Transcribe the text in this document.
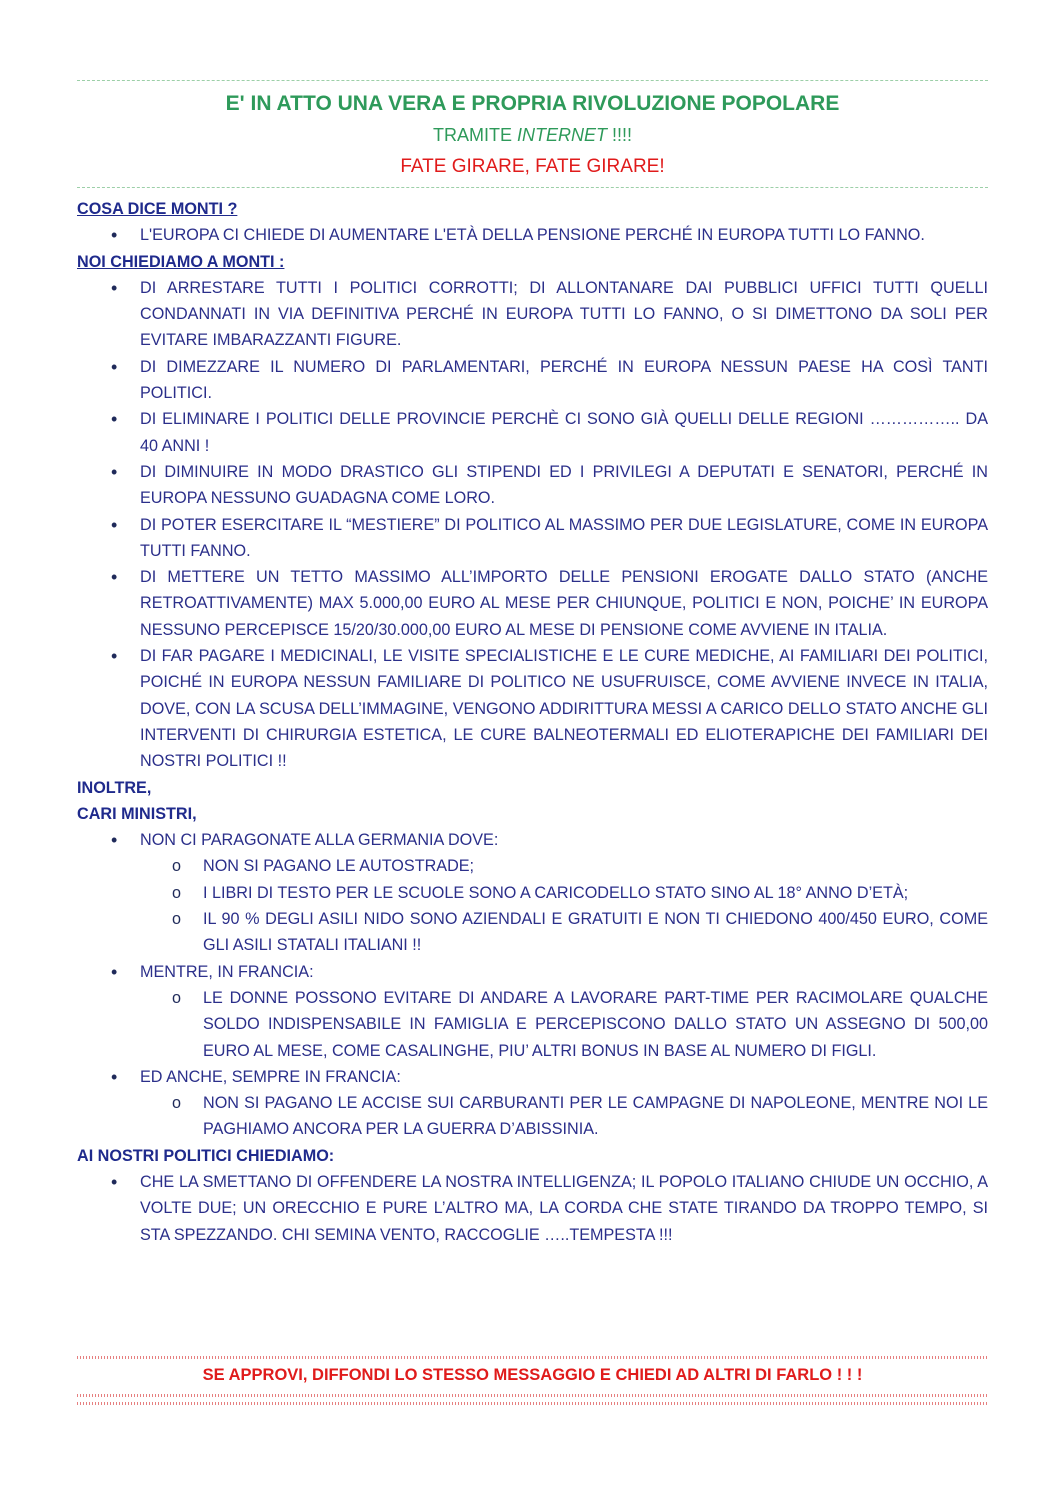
E' IN ATTO UNA VERA E PROPRIA RIVOLUZIONE POPOLARE
TRAMITE INTERNET !!!!
FATE GIRARE, FATE GIRARE!
COSA DICE MONTI ?
• L'EUROPA CI CHIEDE DI AUMENTARE L'ETÀ DELLA PENSIONE PERCHÉ IN EUROPA TUTTI LO FANNO.
NOI CHIEDIAMO A MONTI :
• DI ARRESTARE TUTTI I POLITICI CORROTTI; DI ALLONTANARE DAI PUBBLICI UFFICI TUTTI QUELLI CONDANNATI IN VIA DEFINITIVA PERCHÉ IN EUROPA TUTTI LO FANNO, O SI DIMETTONO DA SOLI PER EVITARE IMBARAZZANTI FIGURE.
• DI DIMEZZARE IL NUMERO DI PARLAMENTARI, PERCHÉ IN EUROPA NESSUN PAESE HA COSÌ TANTI POLITICI.
• DI ELIMINARE I POLITICI DELLE PROVINCIE PERCHÈ CI SONO GIÀ QUELLI DELLE REGIONI …………….. DA 40 ANNI !
• DI DIMINUIRE IN MODO DRASTICO GLI STIPENDI ED I PRIVILEGI A DEPUTATI E SENATORI, PERCHÉ IN EUROPA NESSUNO GUADAGNA COME LORO.
• DI POTER ESERCITARE IL “MESTIERE” DI POLITICO AL MASSIMO PER DUE LEGISLATURE, COME IN EUROPA TUTTI FANNO.
• DI METTERE UN TETTO MASSIMO ALL’IMPORTO DELLE PENSIONI EROGATE DALLO STATO (ANCHE RETROATTIVAMENTE) MAX 5.000,00 EURO AL MESE PER CHIUNQUE, POLITICI E NON, POICHE’ IN EUROPA NESSUNO PERCEPISCE 15/20/30.000,00 EURO AL MESE DI PENSIONE COME AVVIENE IN ITALIA.
• DI FAR PAGARE I MEDICINALI, LE VISITE SPECIALISTICHE E LE CURE MEDICHE, AI FAMILIARI DEI POLITICI, POICHÉ IN EUROPA NESSUN FAMILIARE DI POLITICO NE USUFRUISCE, COME AVVIENE INVECE IN ITALIA, DOVE, CON LA SCUSA DELL’IMMAGINE, VENGONO ADDIRITTURA MESSI A CARICO DELLO STATO ANCHE GLI INTERVENTI DI CHIRURGIA ESTETICA, LE CURE BALNEOTERMALI ED ELIOTERAPICHE DEI FAMILIARI DEI NOSTRI POLITICI !!
INOLTRE,
CARI MINISTRI,
• NON CI PARAGONATE ALLA GERMANIA DOVE:
o NON SI PAGANO LE AUTOSTRADE;
o I LIBRI DI TESTO PER LE SCUOLE SONO A CARICODELLO STATO SINO AL 18° ANNO D’ETÀ;
o IL 90 % DEGLI ASILI NIDO SONO AZIENDALI E GRATUITI E NON TI CHIEDONO 400/450 EURO, COME GLI ASILI STATALI ITALIANI !!
• MENTRE, IN FRANCIA:
o LE DONNE POSSONO EVITARE DI ANDARE A LAVORARE PART-TIME PER RACIMOLARE QUALCHE SOLDO INDISPENSABILE IN FAMIGLIA E PERCEPISCONO DALLO STATO UN ASSEGNO DI 500,00 EURO AL MESE, COME CASALINGHE, PIU’ ALTRI BONUS IN BASE AL NUMERO DI FIGLI.
• ED ANCHE, SEMPRE IN FRANCIA:
o NON SI PAGANO LE ACCISE SUI CARBURANTI PER LE CAMPAGNE DI NAPOLEONE, MENTRE NOI LE PAGHIAMO ANCORA PER LA GUERRA D’ABISSINIA.
AI NOSTRI POLITICI CHIEDIAMO:
• CHE LA SMETTANO DI OFFENDERE LA NOSTRA INTELLIGENZA; IL POPOLO ITALIANO CHIUDE UN OCCHIO, A VOLTE DUE; UN ORECCHIO E PURE L’ALTRO MA, LA CORDA CHE STATE TIRANDO DA TROPPO TEMPO, SI STA SPEZZANDO. CHI SEMINA VENTO, RACCOGLIE …..TEMPESTA !!!
SE APPROVI, DIFFONDI LO STESSO MESSAGGIO E CHIEDI AD ALTRI DI FARLO ! ! !
